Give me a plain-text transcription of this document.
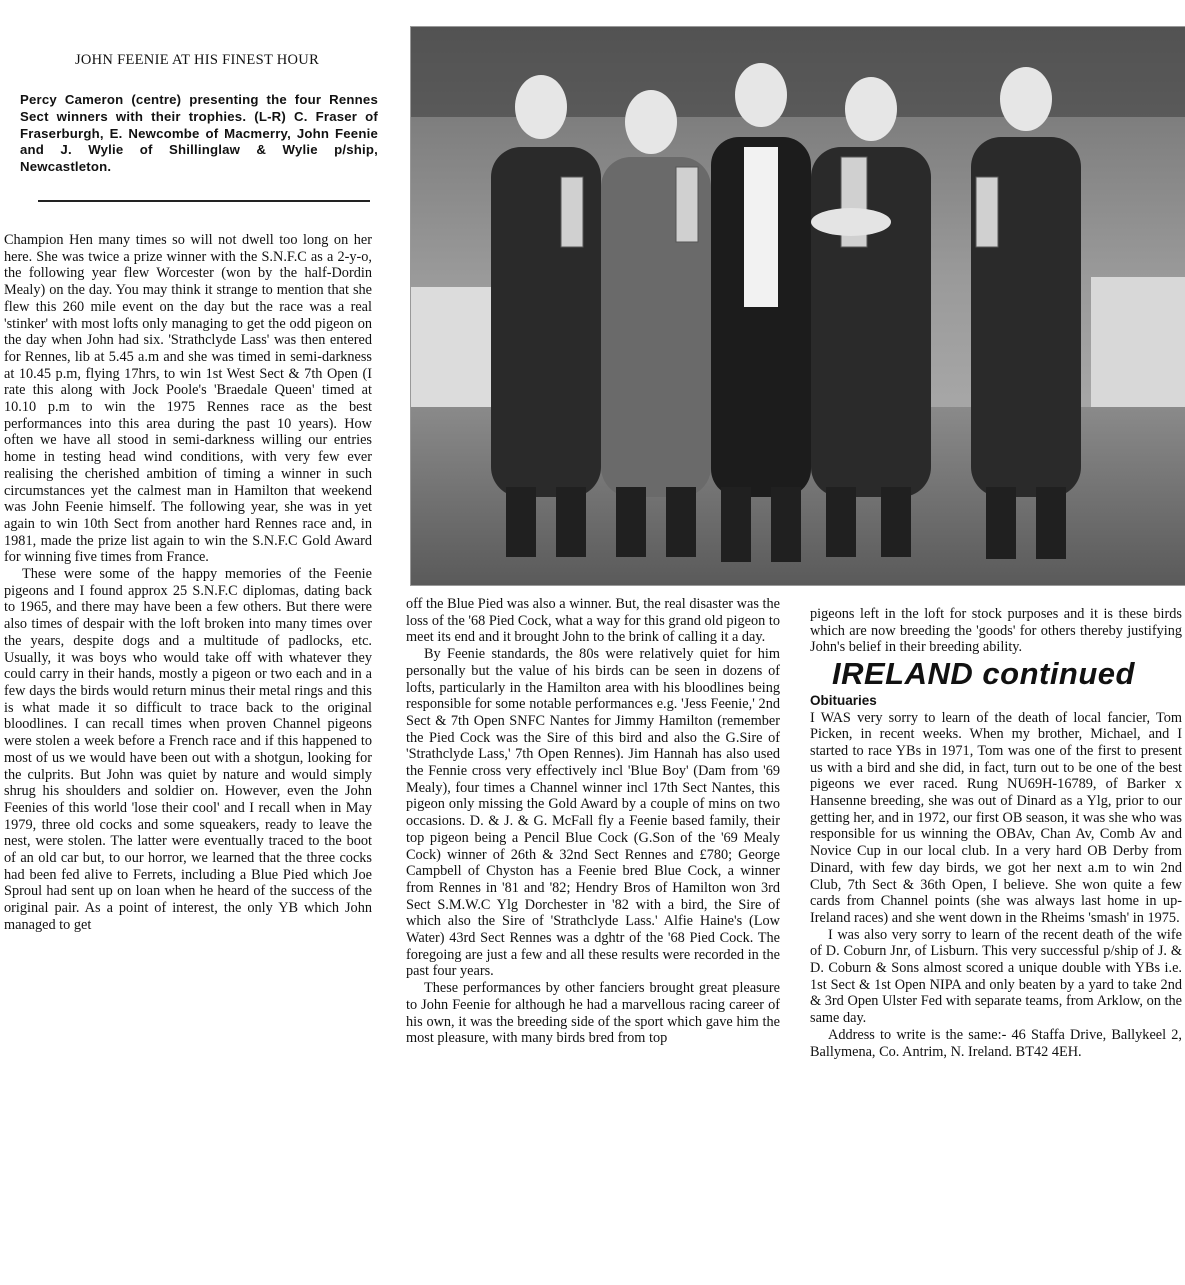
JOHN FEENIE AT HIS FINEST HOUR
Percy Cameron (centre) presenting the four Rennes Sect winners with their trophies. (L-R) C. Fraser of Fraserburgh, E. Newcombe of Macmerry, John Feenie and J. Wylie of Shillinglaw & Wylie p/ship, Newcastleton.

Champion Hen many times so will not dwell too long on her here. She was twice a prize winner with the S.N.F.C as a 2-y-o, the following year flew Worcester (won by the half-Dordin Mealy) on the day. You may think it strange to mention that she flew this 260 mile event on the day but the race was a real 'stinker' with most lofts only managing to get the odd pigeon on the day when John had six. 'Strathclyde Lass' was then entered for Rennes, lib at 5.45 a.m and she was timed in semi-darkness at 10.45 p.m, flying 17hrs, to win 1st West Sect & 7th Open (I rate this along with Jock Poole's 'Braedale Queen' timed at 10.10 p.m to win the 1975 Rennes race as the best performances into this area during the past 10 years). How often we have all stood in semi-darkness willing our entries home in testing head wind conditions, with very few ever realising the cherished ambition of timing a winner in such circumstances yet the calmest man in Hamilton that weekend was John Feenie himself. The following year, she was in yet again to win 10th Sect from another hard Rennes race and, in 1981, made the prize list again to win the S.N.F.C Gold Award for winning five times from France.

These were some of the happy memories of the Feenie pigeons and I found approx 25 S.N.F.C diplomas, dating back to 1965, and there may have been a few others. But there were also times of despair with the loft broken into many times over the years, despite dogs and a multitude of padlocks, etc. Usually, it was boys who would take off with whatever they could carry in their hands, mostly a pigeon or two each and in a few days the birds would return minus their metal rings and this is what made it so difficult to trace back to the original bloodlines. I can recall times when proven Channel pigeons were stolen a week before a French race and if this happened to most of us we would have been out with a shotgun, looking for the culprits. But John was quiet by nature and would simply shrug his shoulders and soldier on. However, even the John Feenies of this world 'lose their cool' and I recall when in May 1979, three old cocks and some squeakers, ready to leave the nest, were stolen. The latter were eventually traced to the boot of an old car but, to our horror, we learned that the three cocks had been fed alive to Ferrets, including a Blue Pied which Joe Sproul had sent up on loan when he heard of the success of the original pair. As a point of interest, the only YB which John managed to get

off the Blue Pied was also a winner. But, the real disaster was the loss of the '68 Pied Cock, what a way for this grand old pigeon to meet its end and it brought John to the brink of calling it a day.

By Feenie standards, the 80s were relatively quiet for him personally but the value of his birds can be seen in dozens of lofts, particularly in the Hamilton area with his bloodlines being responsible for some notable performances e.g. 'Jess Feenie,' 2nd Sect & 7th Open SNFC Nantes for Jimmy Hamilton (remember the Pied Cock was the Sire of this bird and also the G.Sire of 'Strathclyde Lass,' 7th Open Rennes). Jim Hannah has also used the Fennie cross very effectively incl 'Blue Boy' (Dam from '69 Mealy), four times a Channel winner incl 17th Sect Nantes, this pigeon only missing the Gold Award by a couple of mins on two occasions. D. & J. & G. McFall fly a Feenie based family, their top pigeon being a Pencil Blue Cock (G.Son of the '69 Mealy Cock) winner of 26th & 32nd Sect Rennes and £780; George Campbell of Chyston has a Feenie bred Blue Cock, a winner from Rennes in '81 and '82; Hendry Bros of Hamilton won 3rd Sect S.M.W.C Ylg Dorchester in '82 with a bird, the Sire of which also the Sire of 'Strathclyde Lass.' Alfie Haine's (Low Water) 43rd Sect Rennes was a dghtr of the '68 Pied Cock. The foregoing are just a few and all these results were recorded in the past four years.

These performances by other fanciers brought great pleasure to John Feenie for although he had a marvellous racing career of his own, it was the breeding side of the sport which gave him the most pleasure, with many birds bred from top

pigeons left in the loft for stock purposes and it is these birds which are now breeding the 'goods' for others thereby justifying John's belief in their breeding ability.

IRELAND continued
Obituaries

I WAS very sorry to learn of the death of local fancier, Tom Picken, in recent weeks. When my brother, Michael, and I started to race YBs in 1971, Tom was one of the first to present us with a bird and she did, in fact, turn out to be one of the best pigeons we ever raced. Rung NU69H-16789, of Barker x Hansenne breeding, she was out of Dinard as a Ylg, prior to our getting her, and in 1972, our first OB season, it was she who was responsible for us winning the OBAv, Chan Av, Comb Av and Novice Cup in our local club. In a very hard OB Derby from Dinard, with few day birds, we got her next a.m to win 2nd Club, 7th Sect & 36th Open, I believe. She won quite a few cards from Channel points (she was always last home in up-Ireland races) and she went down in the Rheims 'smash' in 1975.

I was also very sorry to learn of the recent death of the wife of D. Coburn Jnr, of Lisburn. This very successful p/ship of J. & D. Coburn & Sons almost scored a unique double with YBs i.e. 1st Sect & 1st Open NIPA and only beaten by a yard to take 2nd & 3rd Open Ulster Fed with separate teams, from Arklow, on the same day.

Address to write is the same:- 46 Staffa Drive, Ballykeel 2, Ballymena, Co. Antrim, N. Ireland. BT42 4EH.
